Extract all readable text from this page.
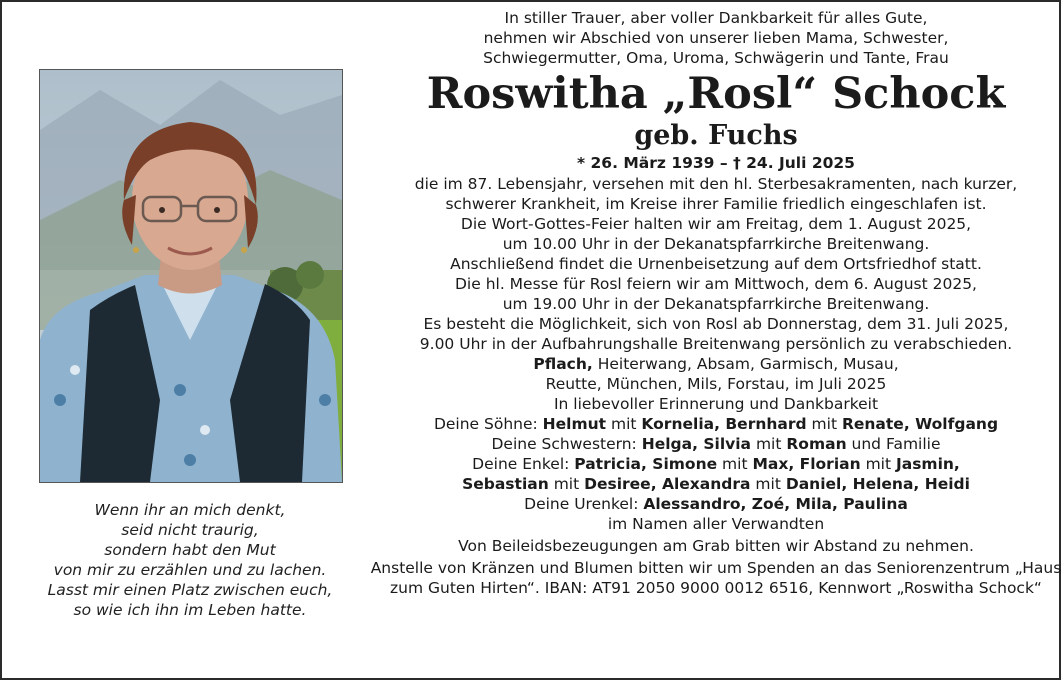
Wenn ihr an mich denkt,
seid nicht traurig,
sondern habt den Mut
von mir zu erzählen und zu lachen.
Lasst mir einen Platz zwischen euch,
so wie ich ihn im Leben hatte.
In stiller Trauer, aber voller Dankbarkeit für alles Gute,
nehmen wir Abschied von unserer lieben Mama, Schwester,
Schwiegermutter, Oma, Uroma, Schwägerin und Tante, Frau
Roswitha „Rosl“ Schock
geb. Fuchs
* 26. März 1939 – † 24. Juli 2025
die im 87. Lebensjahr, versehen mit den hl. Sterbesakramenten, nach kurzer,
schwerer Krankheit, im Kreise ihrer Familie friedlich eingeschlafen ist.
Die Wort-Gottes-Feier halten wir am Freitag, dem 1. August 2025,
um 10.00 Uhr in der Dekanatspfarrkirche Breitenwang.
Anschließend findet die Urnenbeisetzung auf dem Ortsfriedhof statt.
Die hl. Messe für Rosl feiern wir am Mittwoch, dem 6. August 2025,
um 19.00 Uhr in der Dekanatspfarrkirche Breitenwang.
Es besteht die Möglichkeit, sich von Rosl ab Donnerstag, dem 31. Juli 2025,
9.00 Uhr in der Aufbahrungshalle Breitenwang persönlich zu verabschieden.
Pflach, Heiterwang, Absam, Garmisch, Musau,
Reutte, München, Mils, Forstau, im Juli 2025
In liebevoller Erinnerung und Dankbarkeit
Deine Söhne: Helmut mit Kornelia, Bernhard mit Renate, Wolfgang
Deine Schwestern: Helga, Silvia mit Roman und Familie
Deine Enkel: Patricia, Simone mit Max, Florian mit Jasmin,
Sebastian mit Desiree, Alexandra mit Daniel, Helena, Heidi
Deine Urenkel: Alessandro, Zoé, Mila, Paulina
im Namen aller Verwandten
Von Beileidsbezeugungen am Grab bitten wir Abstand zu nehmen.
Anstelle von Kränzen und Blumen bitten wir um Spenden an das Seniorenzentrum „Haus
zum Guten Hirten“. IBAN: AT91 2050 9000 0012 6516, Kennwort „Roswitha Schock“
